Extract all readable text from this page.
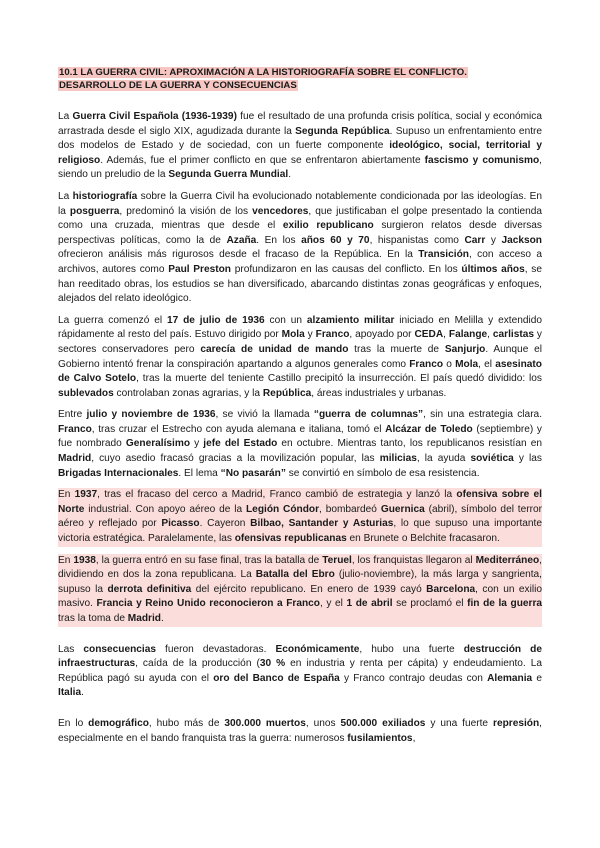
10.1 LA GUERRA CIVIL: APROXIMACIÓN A LA HISTORIOGRAFÍA SOBRE EL CONFLICTO.
DESARROLLO DE LA GUERRA Y CONSECUENCIAS

La Guerra Civil Española (1936-1939) fue el resultado de una profunda crisis política, social y económica arrastrada desde el siglo XIX, agudizada durante la Segunda República. Supuso un enfrentamiento entre dos modelos de Estado y de sociedad, con un fuerte componente ideológico, social, territorial y religioso. Además, fue el primer conflicto en que se enfrentaron abiertamente fascismo y comunismo, siendo un preludio de la Segunda Guerra Mundial.

La historiografía sobre la Guerra Civil ha evolucionado notablemente condicionada por las ideologías. En la posguerra, predominó la visión de los vencedores, que justificaban el golpe presentado la contienda como una cruzada, mientras que desde el exilio republicano surgieron relatos desde diversas perspectivas políticas, como la de Azaña. En los años 60 y 70, hispanistas como Carr y Jackson ofrecieron análisis más rigurosos desde el fracaso de la República. En la Transición, con acceso a archivos, autores como Paul Preston profundizaron en las causas del conflicto. En los últimos años, se han reeditado obras, los estudios se han diversificado, abarcando distintas zonas geográficas y enfoques, alejados del relato ideológico.

La guerra comenzó el 17 de julio de 1936 con un alzamiento militar iniciado en Melilla y extendido rápidamente al resto del país. Estuvo dirigido por Mola y Franco, apoyado por CEDA, Falange, carlistas y sectores conservadores pero carecía de unidad de mando tras la muerte de Sanjurjo. Aunque el Gobierno intentó frenar la conspiración apartando a algunos generales como Franco o Mola, el asesinato de Calvo Sotelo, tras la muerte del teniente Castillo precipitó la insurrección. El país quedó dividido: los sublevados controlaban zonas agrarias, y la República, áreas industriales y urbanas.

Entre julio y noviembre de 1936, se vivió la llamada “guerra de columnas”, sin una estrategia clara. Franco, tras cruzar el Estrecho con ayuda alemana e italiana, tomó el Alcázar de Toledo (septiembre) y fue nombrado Generalísimo y jefe del Estado en octubre. Mientras tanto, los republicanos resistían en Madrid, cuyo asedio fracasó gracias a la movilización popular, las milicias, la ayuda soviética y las Brigadas Internacionales. El lema “No pasarán” se convirtió en símbolo de esa resistencia.

En 1937, tras el fracaso del cerco a Madrid, Franco cambió de estrategia y lanzó la ofensiva sobre el Norte industrial. Con apoyo aéreo de la Legión Cóndor, bombardeó Guernica (abril), símbolo del terror aéreo y reflejado por Picasso. Cayeron Bilbao, Santander y Asturias, lo que supuso una importante victoria estratégica. Paralelamente, las ofensivas republicanas en Brunete o Belchite fracasaron.

En 1938, la guerra entró en su fase final, tras la batalla de Teruel, los franquistas llegaron al Mediterráneo, dividiendo en dos la zona republicana. La Batalla del Ebro (julio-noviembre), la más larga y sangrienta, supuso la derrota definitiva del ejército republicano. En enero de 1939 cayó Barcelona, con un exilio masivo. Francia y Reino Unido reconocieron a Franco, y el 1 de abril se proclamó el fin de la guerra tras la toma de Madrid.

Las consecuencias fueron devastadoras. Económicamente, hubo una fuerte destrucción de infraestructuras, caída de la producción (30 % en industria y renta per cápita) y endeudamiento. La República pagó su ayuda con el oro del Banco de España y Franco contrajo deudas con Alemania e Italia.

En lo demográfico, hubo más de 300.000 muertos, unos 500.000 exiliados y una fuerte represión, especialmente en el bando franquista tras la guerra: numerosos fusilamientos,
